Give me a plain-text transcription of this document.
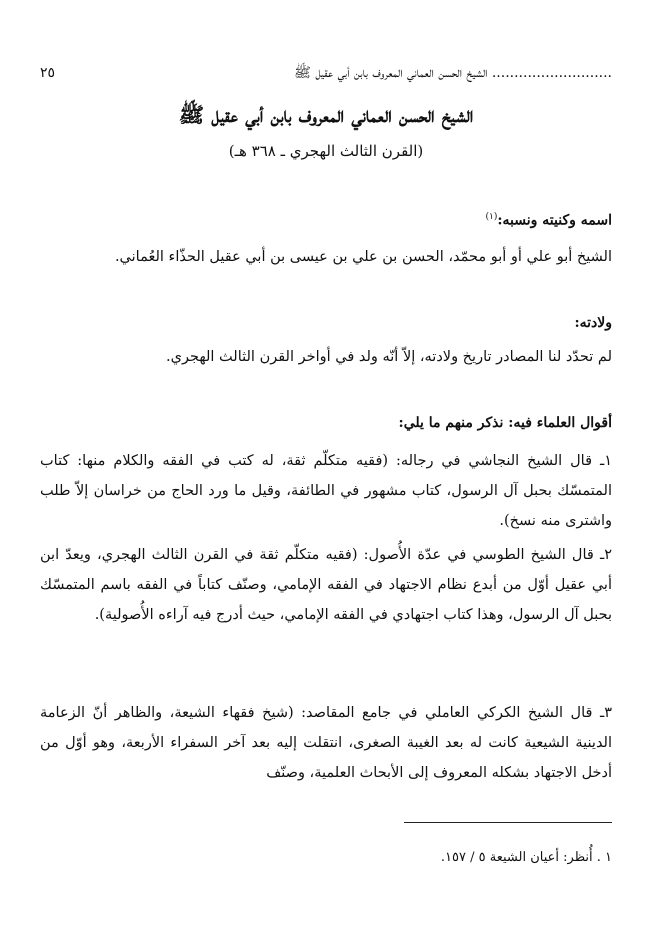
........................... الشيخ الحسن العماني المعروف بابن أبي عقيل ﷺ
٢٥
الشيخ الحسن العماني المعروف بابن أبي عقيل ﷺ
(القرن الثالث الهجري ـ ٣٦٨ هـ)
اسمه وكنيته ونسبه:$^{(١)}$
الشيخ أبو علي أو أبو محمّد، الحسن بن علي بن عيسى بن أبي عقيل الحذّاء العُماني.
ولادته:
لم تحدّد لنا المصادر تاريخ ولادته، إلاّ أنّه ولد في أواخر القرن الثالث الهجري.
أقوال العلماء فيه: نذكر منهم ما يلي:
١ـ قال الشيخ النجاشي في رجاله: (فقيه متكلّم ثقة، له كتب في الفقه والكلام منها: كتاب المتمسّك بحبل آل الرسول، كتاب مشهور في الطائفة، وقيل ما ورد الحاج من خراسان إلاّ طلب واشترى منه نسخ).
٢ـ قال الشيخ الطوسي في عدّة الأُصول: (فقيه متكلّم ثقة في القرن الثالث الهجري، ويعدّ ابن أبي عقيل أوّل من أبدع نظام الاجتهاد في الفقه الإمامي، وصنّف كتاباً في الفقه باسم المتمسّك بحبل آل الرسول، وهذا كتاب اجتهادي في الفقه الإمامي، حيث أدرج فيه آراءه الأُصولية).
٣ـ قال الشيخ الكركي العاملي في جامع المقاصد: (شيخ فقهاء الشيعة، والظاهر أنّ الزعامة الدينية الشيعية كانت له بعد الغيبة الصغرى، انتقلت إليه بعد آخر السفراء الأربعة، وهو أوّل من أدخل الاجتهاد بشكله المعروف إلى الأبحاث العلمية، وصنّف
١ . أُنظر: أعيان الشيعة ٥ / ١٥٧.
